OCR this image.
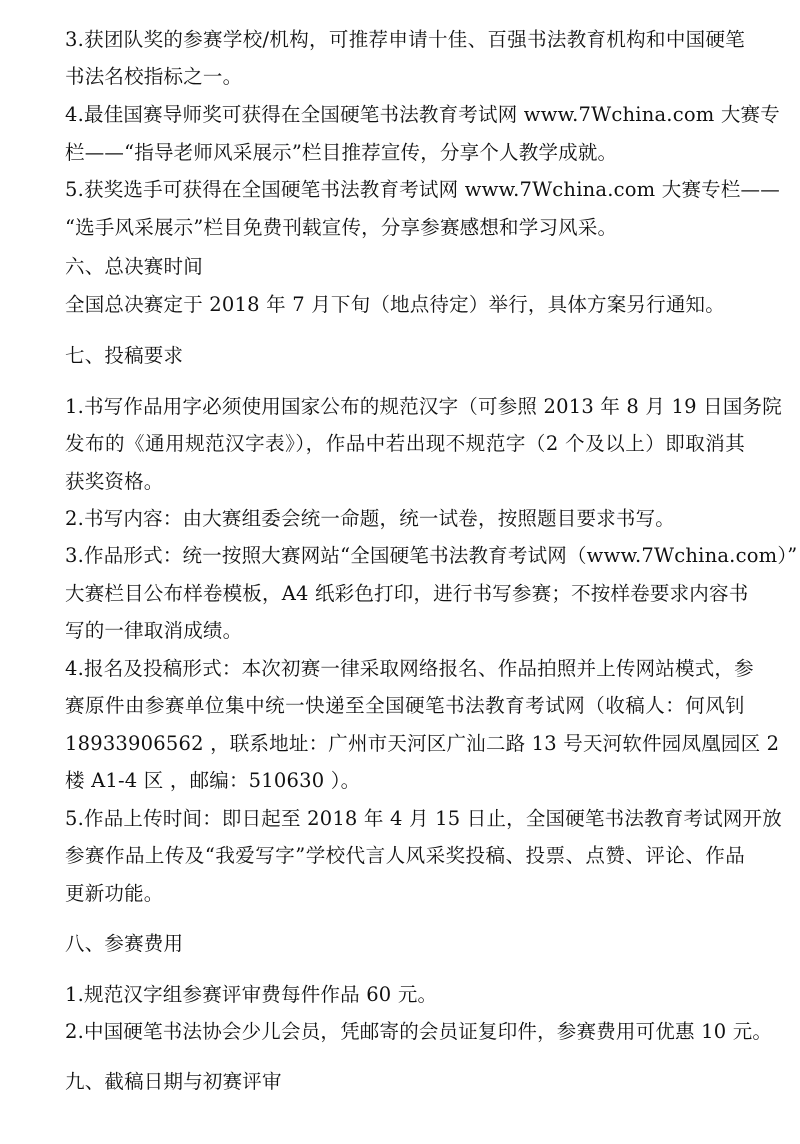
3.获团队奖的参赛学校/机构，可推荐申请十佳、百强书法教育机构和中国硬笔
书法名校指标之一。
4.最佳国赛导师奖可获得在全国硬笔书法教育考试网 www.7Wchina.com 大赛专
栏——“指导老师风采展示”栏目推荐宣传，分享个人教学成就。
5.获奖选手可获得在全国硬笔书法教育考试网 www.7Wchina.com 大赛专栏——
“选手风采展示”栏目免费刊载宣传，分享参赛感想和学习风采。
六、总决赛时间
全国总决赛定于 2018 年 7 月下旬（地点待定）举行，具体方案另行通知。
七、投稿要求
1.书写作品用字必须使用国家公布的规范汉字（可参照 2013 年 8 月 19 日国务院
发布的《通用规范汉字表》），作品中若出现不规范字（2 个及以上）即取消其
获奖资格。
2.书写内容：由大赛组委会统一命题，统一试卷，按照题目要求书写。
3.作品形式：统一按照大赛网站“全国硬笔书法教育考试网（www.7Wchina.com）”
大赛栏目公布样卷模板，A4 纸彩色打印，进行书写参赛；不按样卷要求内容书
写的一律取消成绩。
4.报名及投稿形式：本次初赛一律采取网络报名、作品拍照并上传网站模式，参
赛原件由参赛单位集中统一快递至全国硬笔书法教育考试网（收稿人：何风钊
18933906562 ，联系地址：广州市天河区广汕二路 13 号天河软件园凤凰园区 2
楼 A1-4 区 ，邮编：510630 ）。
5.作品上传时间：即日起至 2018 年 4 月 15 日止，全国硬笔书法教育考试网开放
参赛作品上传及“我爱写字”学校代言人风采奖投稿、投票、点赞、评论、作品
更新功能。
八、参赛费用
1.规范汉字组参赛评审费每件作品 60 元。
2.中国硬笔书法协会少儿会员，凭邮寄的会员证复印件，参赛费用可优惠 10 元。
九、截稿日期与初赛评审
